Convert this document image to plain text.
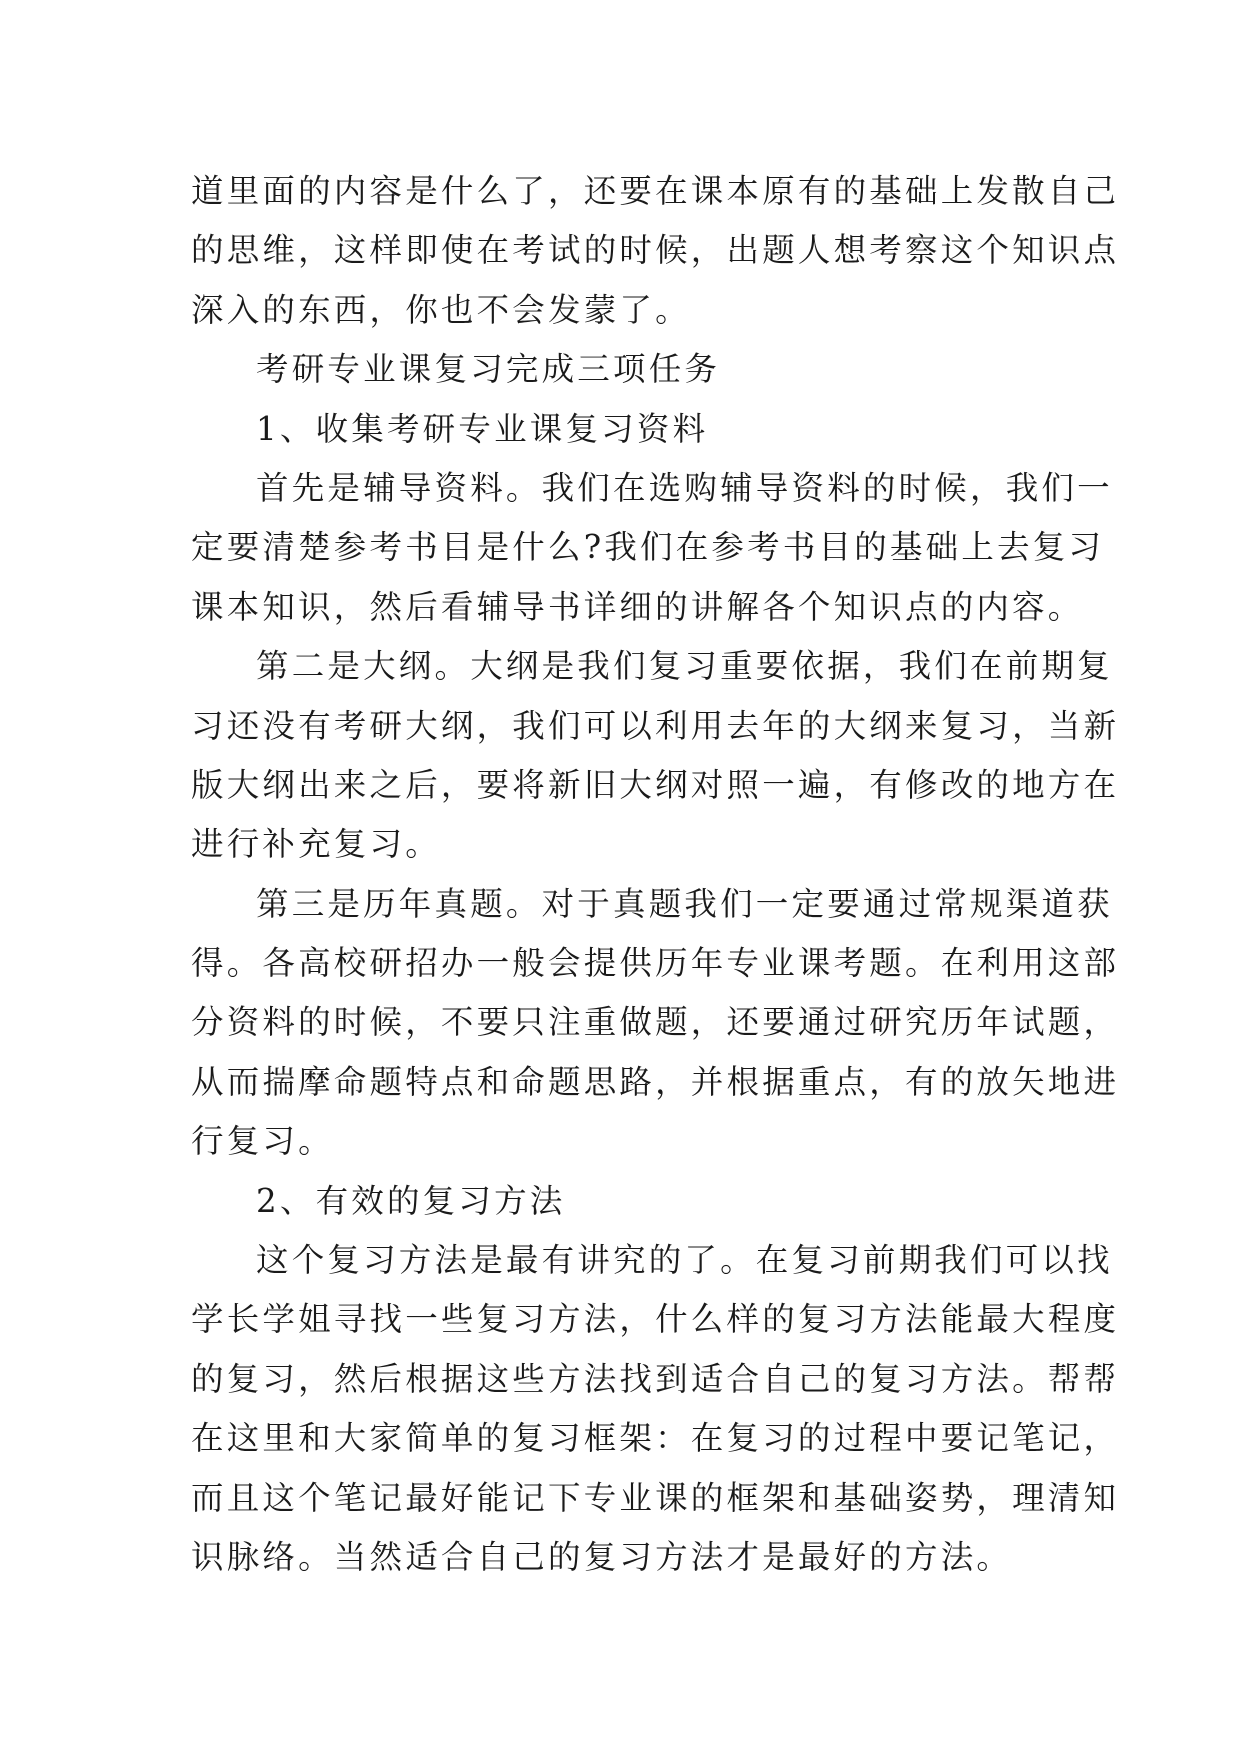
道里面的内容是什么了，还要在课本原有的基础上发散自己
的思维，这样即使在考试的时候，出题人想考察这个知识点
深入的东西，你也不会发蒙了。
考研专业课复习完成三项任务
1、收集考研专业课复习资料
首先是辅导资料。我们在选购辅导资料的时候，我们一
定要清楚参考书目是什么?我们在参考书目的基础上去复习
课本知识，然后看辅导书详细的讲解各个知识点的内容。
第二是大纲。大纲是我们复习重要依据，我们在前期复
习还没有考研大纲，我们可以利用去年的大纲来复习，当新
版大纲出来之后，要将新旧大纲对照一遍，有修改的地方在
进行补充复习。
第三是历年真题。对于真题我们一定要通过常规渠道获
得。各高校研招办一般会提供历年专业课考题。在利用这部
分资料的时候，不要只注重做题，还要通过研究历年试题，
从而揣摩命题特点和命题思路，并根据重点，有的放矢地进
行复习。
2、有效的复习方法
这个复习方法是最有讲究的了。在复习前期我们可以找
学长学姐寻找一些复习方法，什么样的复习方法能最大程度
的复习，然后根据这些方法找到适合自己的复习方法。帮帮
在这里和大家简单的复习框架：在复习的过程中要记笔记，
而且这个笔记最好能记下专业课的框架和基础姿势，理清知
识脉络。当然适合自己的复习方法才是最好的方法。
